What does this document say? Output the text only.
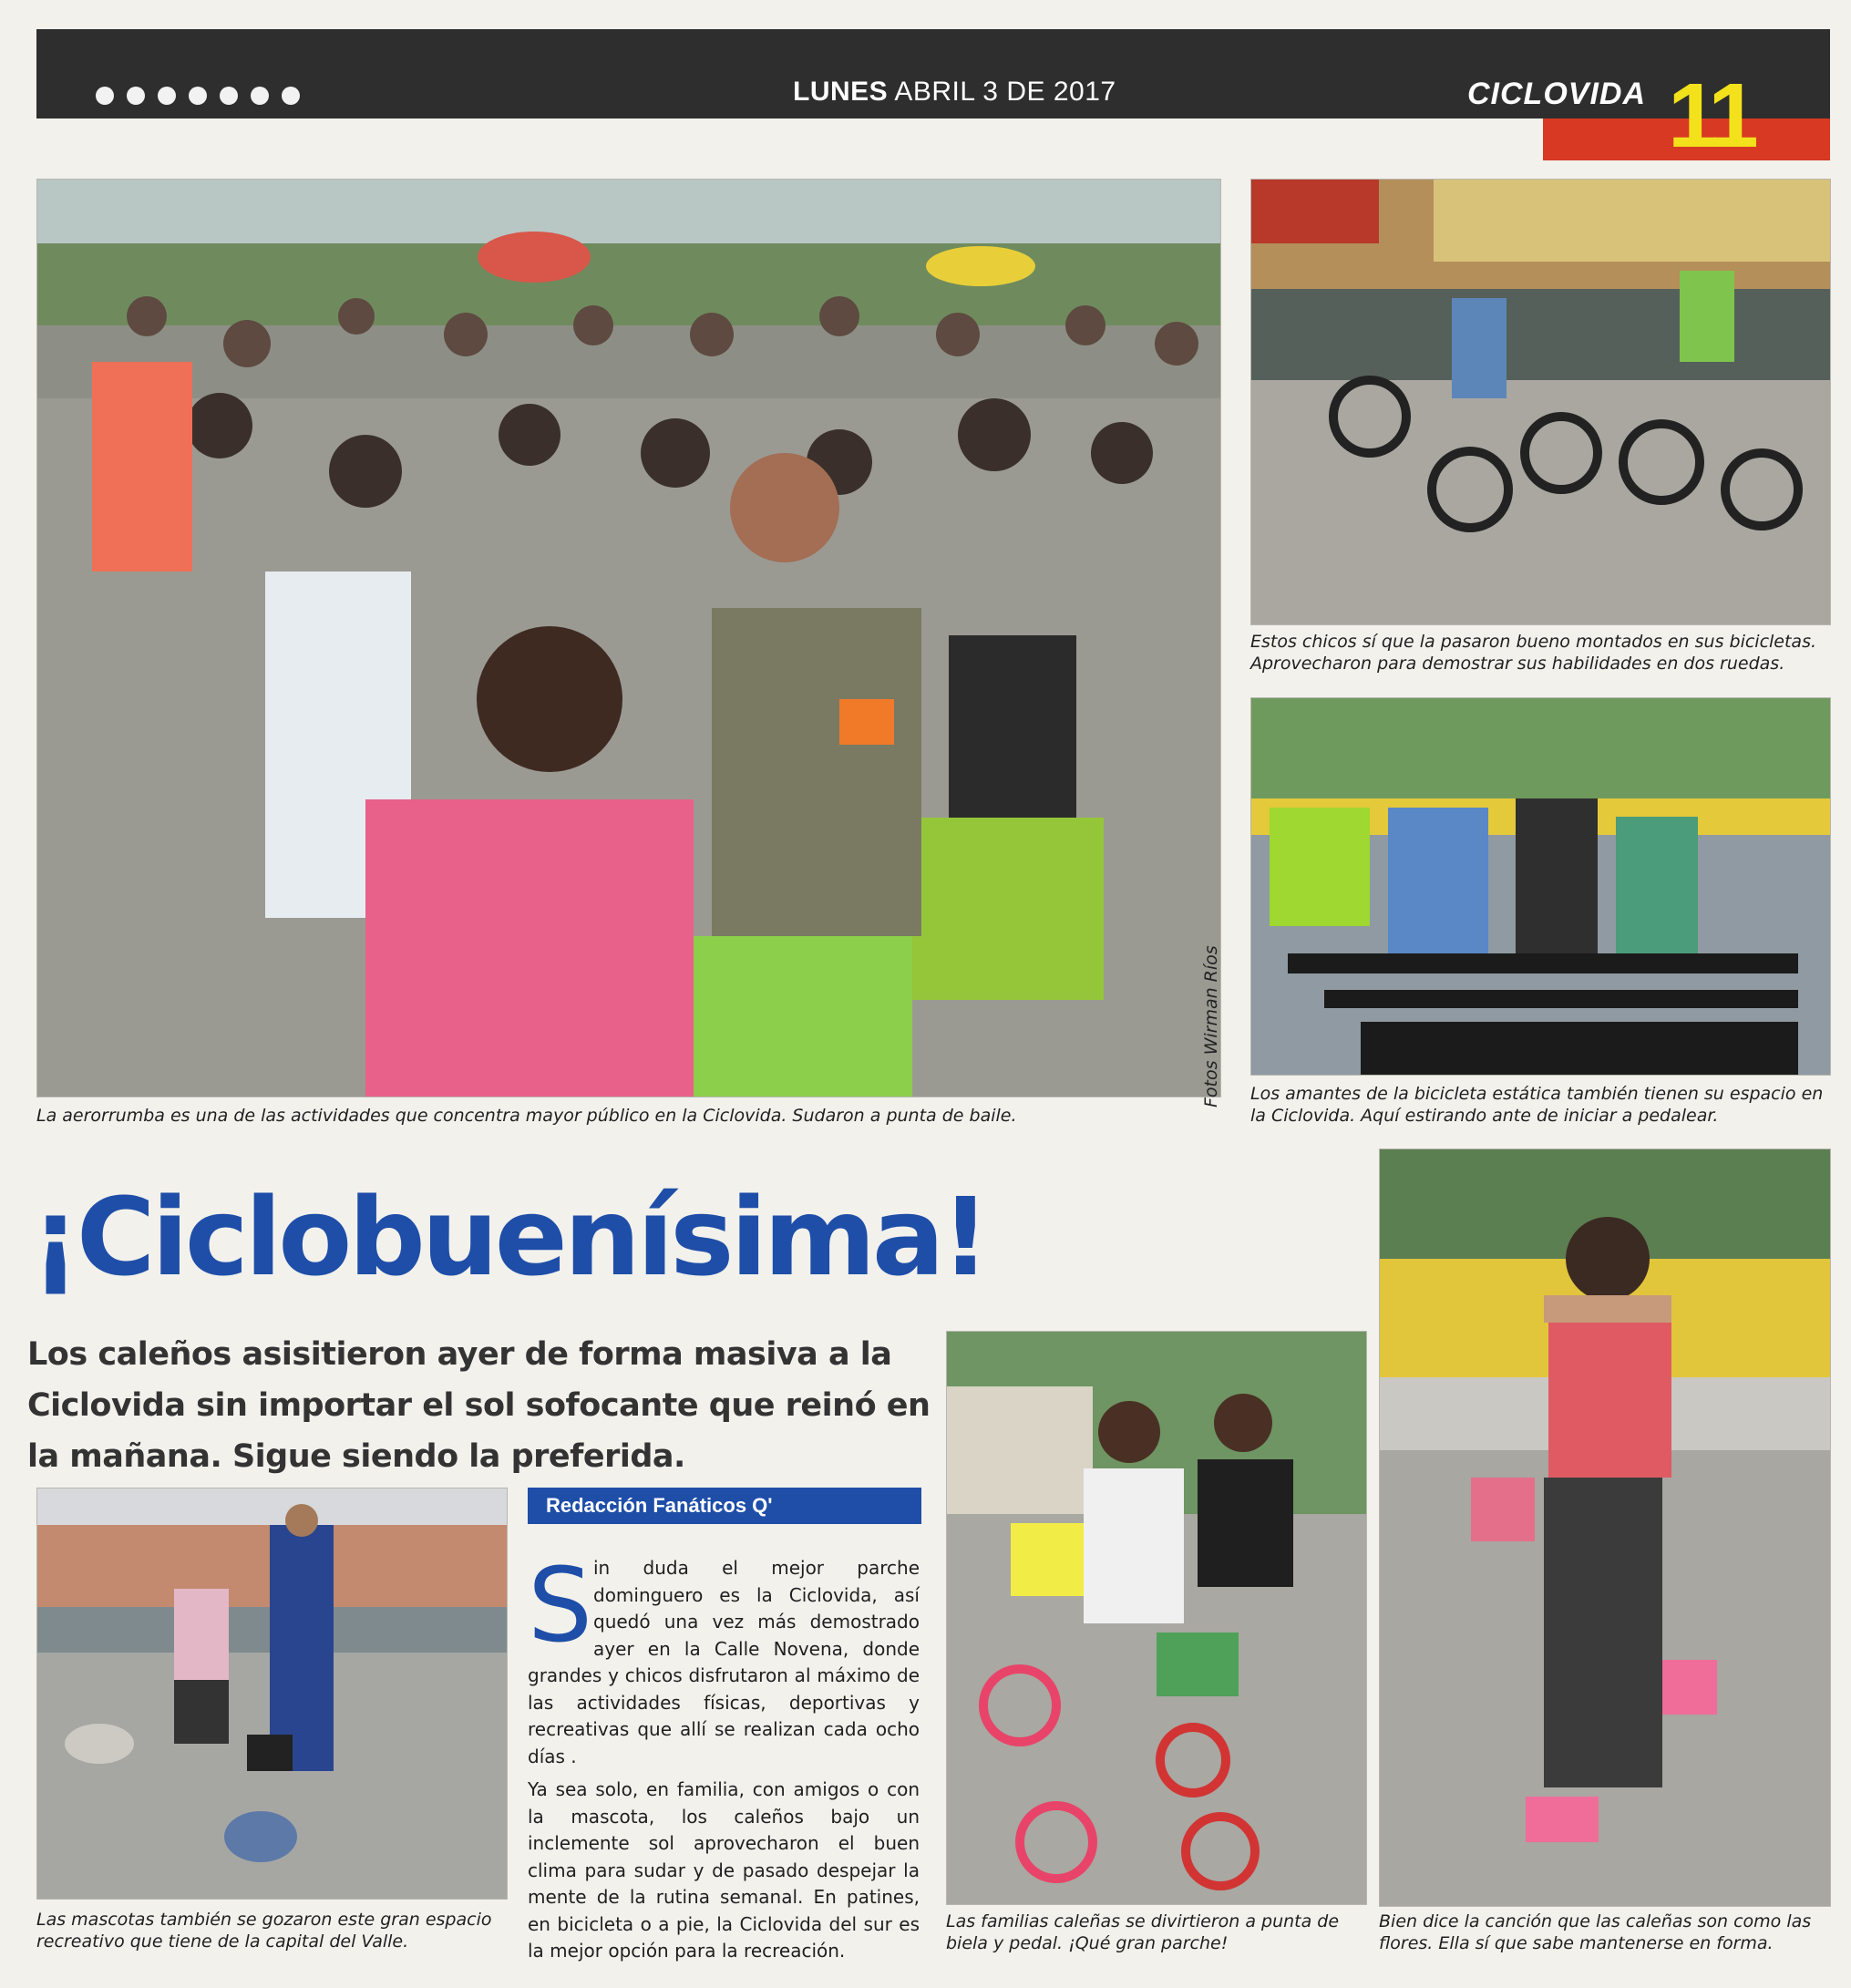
LUNES ABRIL 3 DE 2017	CICLOVIDA 11
La aerorrumba es una de las actividades que concentra mayor público en la Ciclovida. Sudaron a punta de baile.
Fotos Wirman Ríos
Estos chicos sí que la pasaron bueno montados en sus bicicletas. Aprovecharon para demostrar sus habilidades en dos ruedas.
Los amantes de la bicicleta estática también tienen su espacio en la Ciclovida. Aquí estirando ante de iniciar a pedalear.
¡Ciclobuenísima!
Los caleños asisitieron ayer de forma masiva a la Ciclovida sin importar el sol sofocante que reinó en la mañana. Sigue siendo la preferida.
Bien dice la canción que las caleñas son como las flores. Ella sí que sabe mantenerse en forma.
Las mascotas también se gozaron este gran espacio recreativo que tiene de la capital del Valle.
Redacción Fanáticos Q'
S in duda el mejor parche dominguero es la Ciclovida, así quedó una vez más demostrado ayer en la Calle Novena, donde grandes y chicos disfrutaron al máximo de las actividades físicas, deportivas y recreativas que allí se realizan cada ocho días .

Ya sea solo, en familia, con amigos o con la mascota, los caleños bajo un inclemente sol aprovecharon el buen clima para sudar y de pasado despejar la mente de la rutina semanal. En patines, en bicicleta o a pie, la Ciclovida del sur es la mejor opción para la recreación.

Las familias caleñas se divirtieron a punta de biela y pedal. ¡Qué gran parche!
